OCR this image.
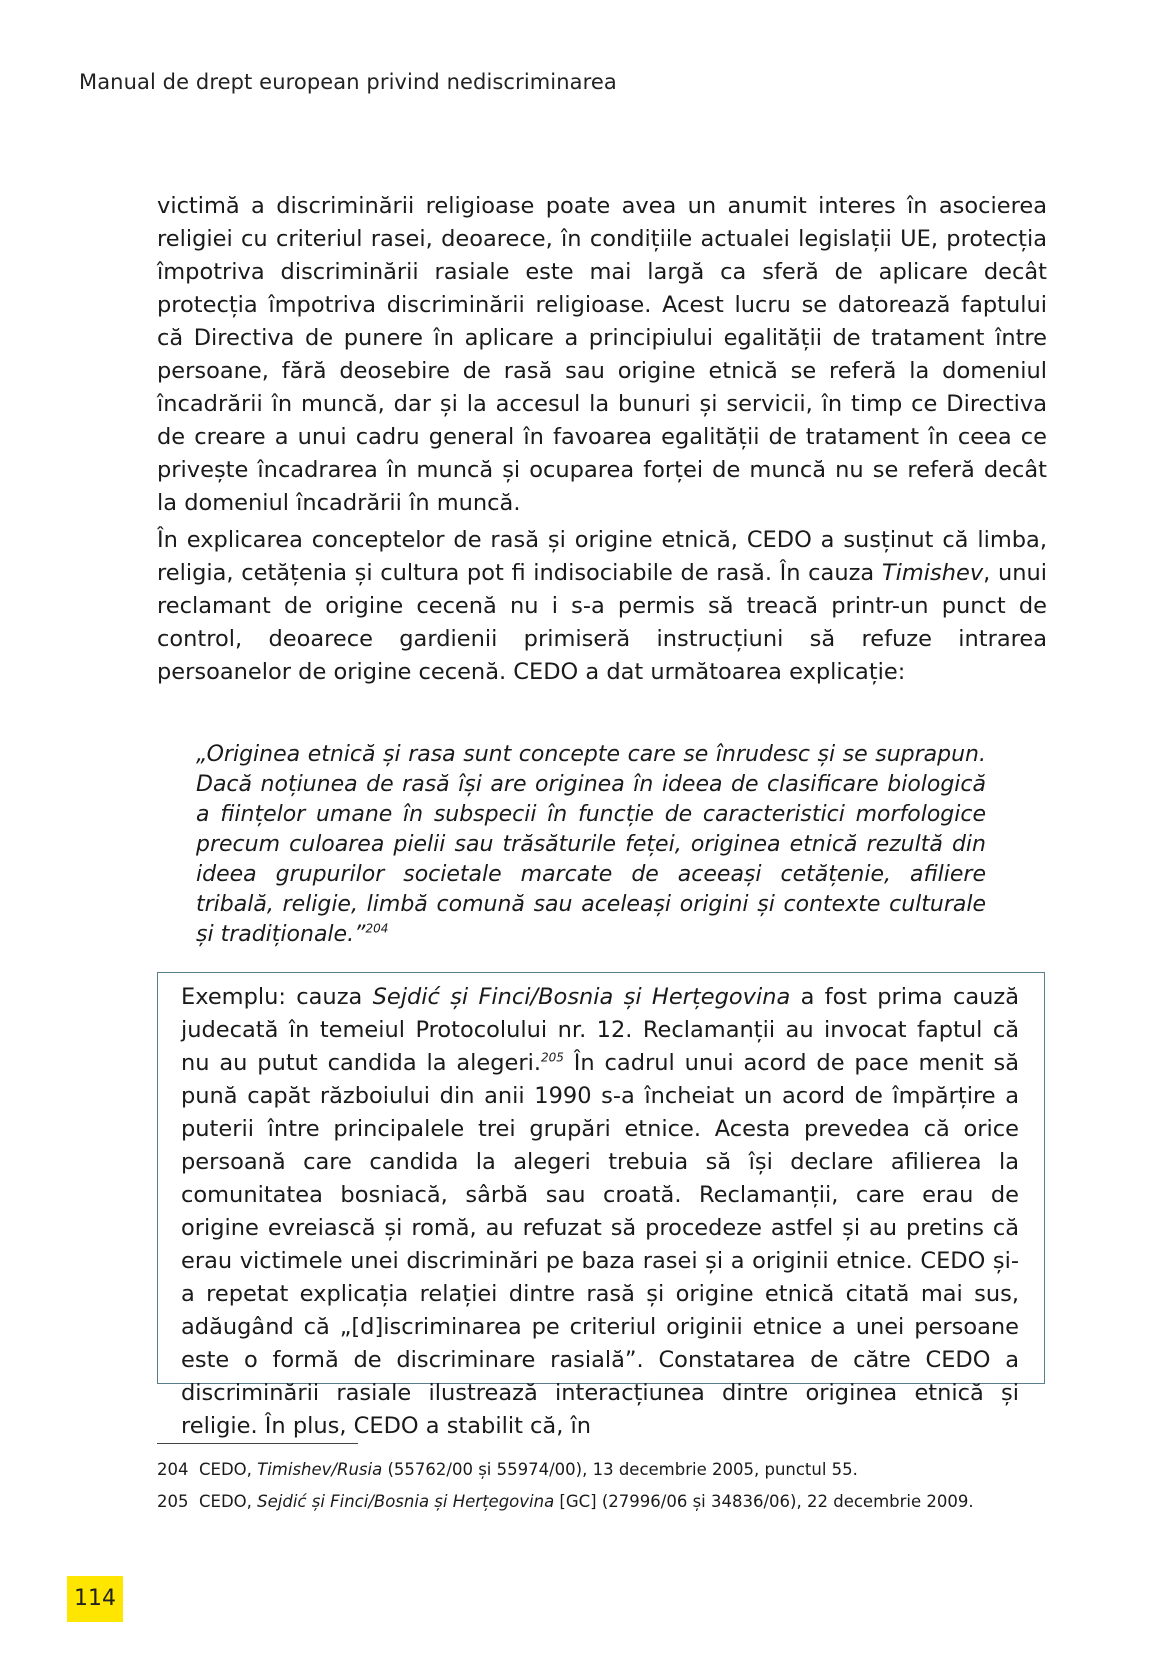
Manual de drept european privind nediscriminarea

victimă a discriminării religioase poate avea un anumit interes în asocierea religiei cu criteriul rasei, deoarece, în condițiile actualei legislații UE, protecția împotriva discriminării rasiale este mai largă ca sferă de aplicare decât protecția împotriva discriminării religioase. Acest lucru se datorează faptului că Directiva de punere în aplicare a principiului egalității de tratament între persoane, fără deosebire de rasă sau origine etnică se referă la domeniul încadrării în muncă, dar și la accesul la bunuri și servicii, în timp ce Directiva de creare a unui cadru general în favoarea egalității de tratament în ceea ce privește încadrarea în muncă și ocuparea forței de muncă nu se referă decât la domeniul încadrării în muncă.

În explicarea conceptelor de rasă și origine etnică, CEDO a susținut că limba, religia, cetățenia și cultura pot fi indisociabile de rasă. În cauza Timishev, unui reclamant de origine cecenă nu i s-a permis să treacă printr-un punct de control, deoarece gardienii primiseră instrucțiuni să refuze intrarea persoanelor de origine cecenă. CEDO a dat următoarea explicație:

„Originea etnică și rasa sunt concepte care se înrudesc și se suprapun. Dacă noțiunea de rasă își are originea în ideea de clasificare biologică a ființelor umane în subspecii în funcție de caracteristici morfologice precum culoarea pielii sau trăsăturile feței, originea etnică rezultă din ideea grupurilor societale marcate de aceeași cetățenie, afiliere tribală, religie, limbă comună sau aceleași origini și contexte culturale și tradiționale.”$^{204}$

Exemplu: cauza Sejdić și Finci/Bosnia și Herțegovina a fost prima cauză judecată în temeiul Protocolului nr. 12. Reclamanții au invocat faptul că nu au putut candida la alegeri.$^{205}$ În cadrul unui acord de pace menit să pună capăt războiului din anii 1990 s-a încheiat un acord de împărțire a puterii între principalele trei grupări etnice. Acesta prevedea că orice persoană care candida la alegeri trebuia să își declare afilierea la comunitatea bosniacă, sârbă sau croată. Reclamanții, care erau de origine evreiască și romă, au refuzat să procedeze astfel și au pretins că erau victimele unei discriminări pe baza rasei și a originii etnice. CEDO și-a repetat explicația relației dintre rasă și origine etnică citată mai sus, adăugând că „[d]iscriminarea pe criteriul originii etnice a unei persoane este o formă de discriminare rasială”. Constatarea de către CEDO a discriminării rasiale ilustrează interacțiunea dintre originea etnică și religie. În plus, CEDO a stabilit că, în

204 CEDO, Timishev/Rusia (55762/00 și 55974/00), 13 decembrie 2005, punctul 55.
205 CEDO, Sejdić și Finci/Bosnia și Herțegovina [GC] (27996/06 și 34836/06), 22 decembrie 2009.
114
